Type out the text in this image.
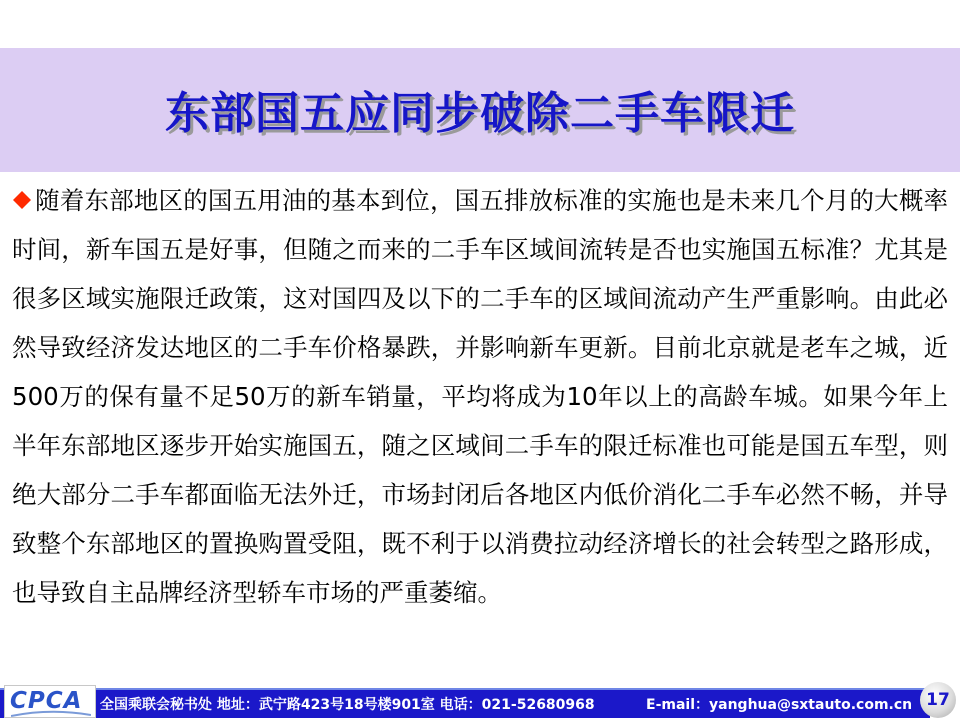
东部国五应同步破除二手车限迁

随着东部地区的国五用油的基本到位，国五排放标准的实施也是未来几个月的大概率时间，新车国五是好事，但随之而来的二手车区域间流转是否也实施国五标准？尤其是很多区域实施限迁政策，这对国四及以下的二手车的区域间流动产生严重影响。由此必然导致经济发达地区的二手车价格暴跌，并影响新车更新。目前北京就是老车之城，近500万的保有量不足50万的新车销量，平均将成为10年以上的高龄车城。如果今年上半年东部地区逐步开始实施国五，随之区域间二手车的限迁标准也可能是国五车型，则绝大部分二手车都面临无法外迁，市场封闭后各地区内低价消化二手车必然不畅，并导致整个东部地区的置换购置受阻，既不利于以消费拉动经济增长的社会转型之路形成，也导致自主品牌经济型轿车市场的严重萎缩。

CPCA 全国乘联会秘书处 地址：武宁路423号18号楼901室 电话：021-52680968	E-mail：yanghua@sxtauto.com.cn 17
